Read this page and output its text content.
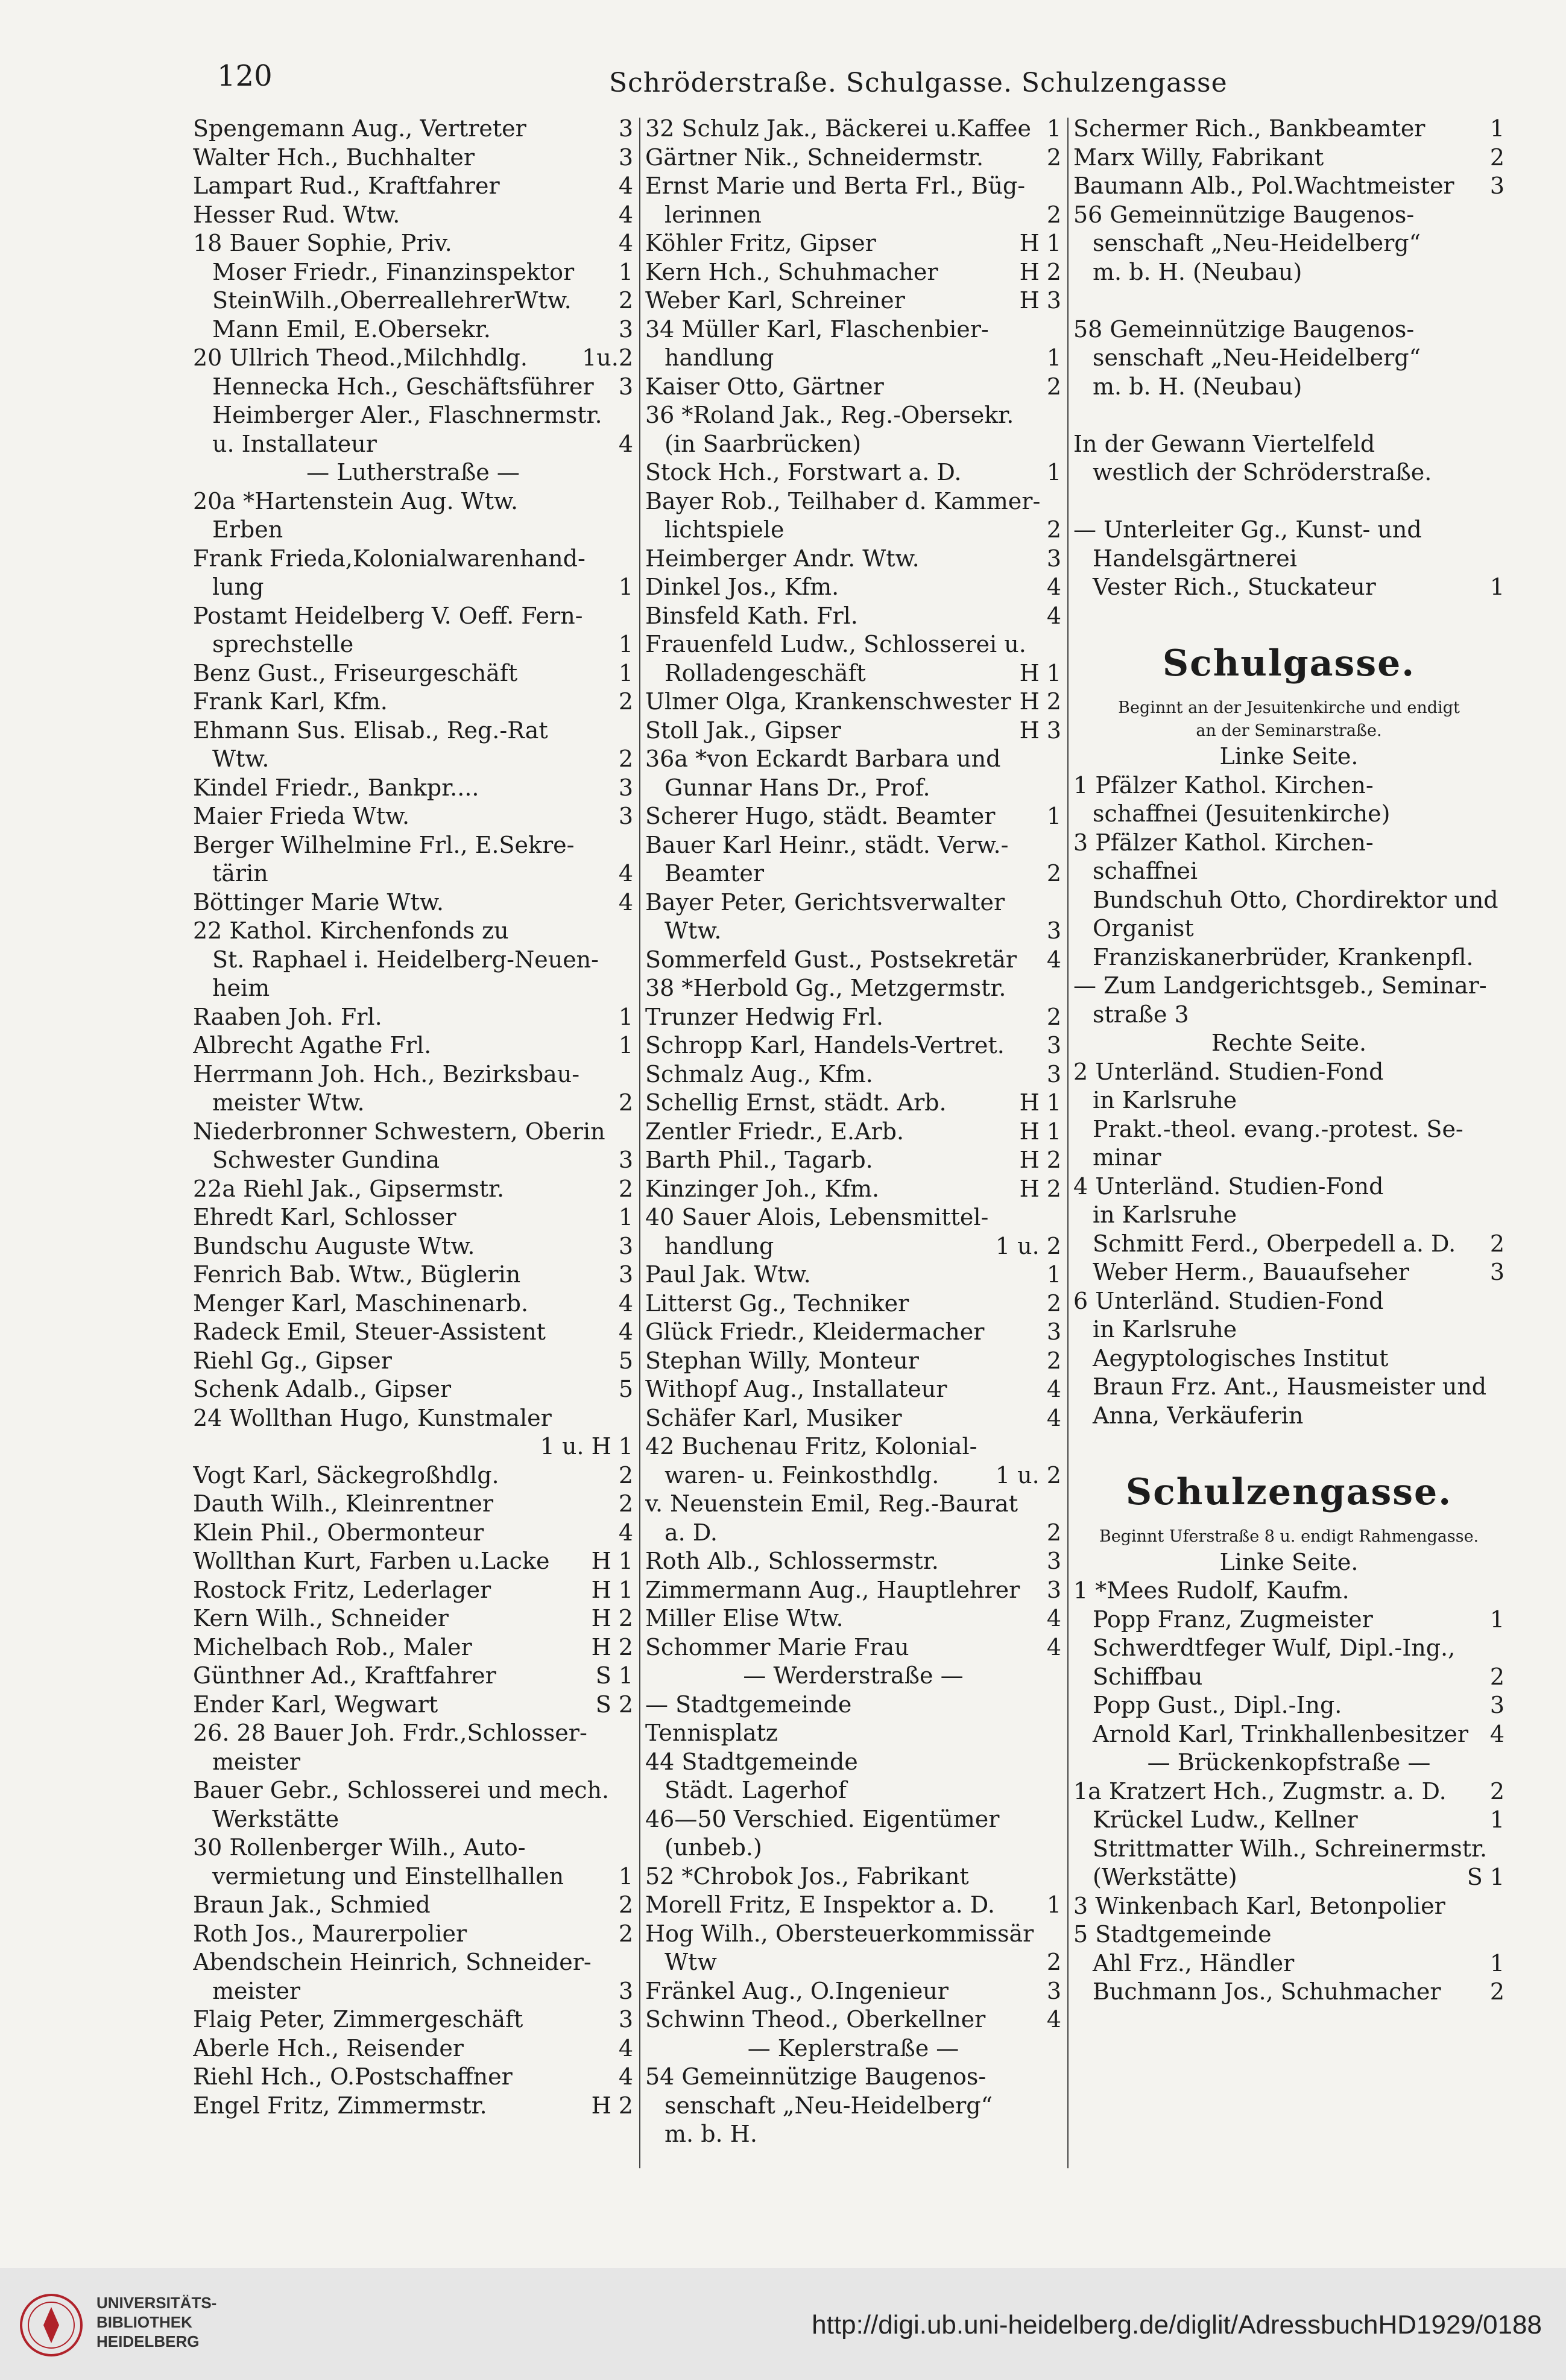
120	Schröderstraße. Schulgasse. Schulzengasse
Spengemann Aug., Vertreter	3
Walter Hch., Buchhalter	3
Lampart Rud., Kraftfahrer	4
Hesser Rud. Wtw.	4
18 Bauer Sophie, Priv.	4
Moser Friedr., Finanzinspektor 1
SteinWilh.,OberreallehrerWtw. 2
Mann Emil, E.Obersekr.	3
20 Ullrich Theod.,Milchhdlg. 1u.2
Hennecka Hch., Geschäftsführer 3
Heimberger Aler., Flaschnermstr.
u. Installateur	4
— Lutherstraße —
20a *Hartenstein Aug. Wtw.
Erben
Frank Frieda,Kolonialwarenhand-
lung	1
Postamt Heidelberg V. Oeff. Fern-
sprechstelle	1
Benz Gust., Friseurgeschäft	1
Frank Karl, Kfm.	2
Ehmann Sus. Elisab., Reg.-Rat
Wtw.	2
Kindel Friedr., Bankpr....	3
Maier Frieda Wtw.	3
Berger Wilhelmine Frl., E.Sekre-
tärin	4
Böttinger Marie Wtw.	4
22 Kathol. Kirchenfonds zu
St. Raphael i. Heidelberg-Neuen-
heim
Raaben Joh. Frl.	1
Albrecht Agathe Frl.	1
Herrmann Joh. Hch., Bezirksbau-
meister Wtw.	2
Niederbronner Schwestern, Oberin
Schwester Gundina	3
22a Riehl Jak., Gipsermstr.	2
Ehredt Karl, Schlosser	1
Bundschu Auguste Wtw.	3
Fenrich Bab. Wtw., Büglerin	3
Menger Karl, Maschinenarb.	4
Radeck Emil, Steuer-Assistent	4
Riehl Gg., Gipser	5
Schenk Adalb., Gipser	5
24 Wollthan Hugo, Kunstmaler
1 u. H 1
Vogt Karl, Säckegroßhdlg.	2
Dauth Wilh., Kleinrentner	2
Klein Phil., Obermonteur	4
Wollthan Kurt, Farben u.Lacke H 1
Rostock Fritz, Lederlager	H 1
Kern Wilh., Schneider	H 2
Michelbach Rob., Maler	H 2
Günthner Ad., Kraftfahrer	S 1
Ender Karl, Wegwart	S 2
26. 28 Bauer Joh. Frdr.,Schlosser-
meister
Bauer Gebr., Schlosserei und mech.
Werkstätte
30 Rollenberger Wilh., Auto-
vermietung und Einstellhallen 1
Braun Jak., Schmied	2
Roth Jos., Maurerpolier	2
Abendschein Heinrich, Schneider-
meister	3
Flaig Peter, Zimmergeschäft	3
Aberle Hch., Reisender	4
Riehl Hch., O.Postschaffner	4
Engel Fritz, Zimmermstr.	H 2
32 Schulz Jak., Bäckerei u.Kaffee 1
Gärtner Nik., Schneidermstr.	2
Ernst Marie und Berta Frl., Büg-
lerinnen	2
Köhler Fritz, Gipser	H 1
Kern Hch., Schuhmacher	H 2
Weber Karl, Schreiner	H 3
34 Müller Karl, Flaschenbier-
handlung	1
Kaiser Otto, Gärtner	2
36 *Roland Jak., Reg.-Obersekr.
(in Saarbrücken)
Stock Hch., Forstwart a. D.	1
Bayer Rob., Teilhaber d. Kammer-
lichtspiele	2
Heimberger Andr. Wtw.	3
Dinkel Jos., Kfm.	4
Binsfeld Kath. Frl.	4
Frauenfeld Ludw., Schlosserei u.
Rolladengeschäft	H 1
Ulmer Olga, Krankenschwester H 2
Stoll Jak., Gipser	H 3
36a *von Eckardt Barbara und
Gunnar Hans Dr., Prof.
Scherer Hugo, städt. Beamter 1
Bauer Karl Heinr., städt. Verw.-
Beamter	2
Bayer Peter, Gerichtsverwalter
Wtw.	3
Sommerfeld Gust., Postsekretär 4
38 *Herbold Gg., Metzgermstr.
Trunzer Hedwig Frl.	2
Schropp Karl, Handels-Vertret. 3
Schmalz Aug., Kfm.	3
Schellig Ernst, städt. Arb.	H 1
Zentler Friedr., E.Arb.	H 1
Barth Phil., Tagarb.	H 2
Kinzinger Joh., Kfm.	H 2
40 Sauer Alois, Lebensmittel-
handlung	1 u. 2
Paul Jak. Wtw.	1
Litterst Gg., Techniker	2
Glück Friedr., Kleidermacher	3
Stephan Willy, Monteur	2
Withopf Aug., Installateur	4
Schäfer Karl, Musiker	4
42 Buchenau Fritz, Kolonial-
waren- u. Feinkosthdlg. 1 u. 2
v. Neuenstein Emil, Reg.-Baurat
a. D.	2
Roth Alb., Schlossermstr.	3
Zimmermann Aug., Hauptlehrer 3
Miller Elise Wtw.	4
Schommer Marie Frau	4
— Werderstraße —
— Stadtgemeinde
Tennisplatz
44 Stadtgemeinde
Städt. Lagerhof
46—50 Verschied. Eigentümer
(unbeb.)
52 *Chrobok Jos., Fabrikant
Morell Fritz, E Inspektor a. D. 1
Hog Wilh., Obersteuerkommissär
Wtw	2
Fränkel Aug., O.Ingenieur	3
Schwinn Theod., Oberkellner	4
— Keplerstraße —
54 Gemeinnützige Baugenos-
senschaft „Neu-Heidelberg“
m. b. H.
Schermer Rich., Bankbeamter	1
Marx Willy, Fabrikant	2
Baumann Alb., Pol.Wachtmeister 3
56 Gemeinnützige Baugenos-
senschaft „Neu-Heidelberg“
m. b. H. (Neubau)
58 Gemeinnützige Baugenos-
senschaft „Neu-Heidelberg“
m. b. H. (Neubau)
In der Gewann Viertelfeld
westlich der Schröderstraße.
— Unterleiter Gg., Kunst- und
Handelsgärtnerei
Vester Rich., Stuckateur	1
Schulgasse.
Beginnt an der Jesuitenkirche und endigt
an der Seminarstraße.
Linke Seite.
1 Pfälzer Kathol. Kirchen-
schaffnei (Jesuitenkirche)
3 Pfälzer Kathol. Kirchen-
schaffnei
Bundschuh Otto, Chordirektor und
Organist
Franziskanerbrüder, Krankenpfl.
— Zum Landgerichtsgeb., Seminar-
straße 3
Rechte Seite.
2 Unterländ. Studien-Fond
in Karlsruhe
Prakt.-theol. evang.-protest. Se-
minar
4 Unterländ. Studien-Fond
in Karlsruhe
Schmitt Ferd., Oberpedell a. D. 2
Weber Herm., Bauaufseher	3
6 Unterländ. Studien-Fond
in Karlsruhe
Aegyptologisches Institut
Braun Frz. Ant., Hausmeister und
Anna, Verkäuferin
Schulzengasse.
Beginnt Uferstraße 8 u. endigt Rahmengasse.
Linke Seite.
1 *Mees Rudolf, Kaufm.
Popp Franz, Zugmeister	1
Schwerdtfeger Wulf, Dipl.-Ing.,
Schiffbau	2
Popp Gust., Dipl.-Ing.	3
Arnold Karl, Trinkhallenbesitzer 4
— Brückenkopfstraße —
1a Kratzert Hch., Zugmstr. a. D. 2
Krückel Ludw., Kellner	1
Strittmatter Wilh., Schreinermstr.
(Werkstätte)	S 1
3 Winkenbach Karl, Betonpolier
5 Stadtgemeinde
Ahl Frz., Händler	1
Buchmann Jos., Schuhmacher 2
UNIVERSITÄTS-
BIBLIOTHEK
HEIDELBERG
http://digi.ub.uni-heidelberg.de/diglit/AdressbuchHD1929/0188
